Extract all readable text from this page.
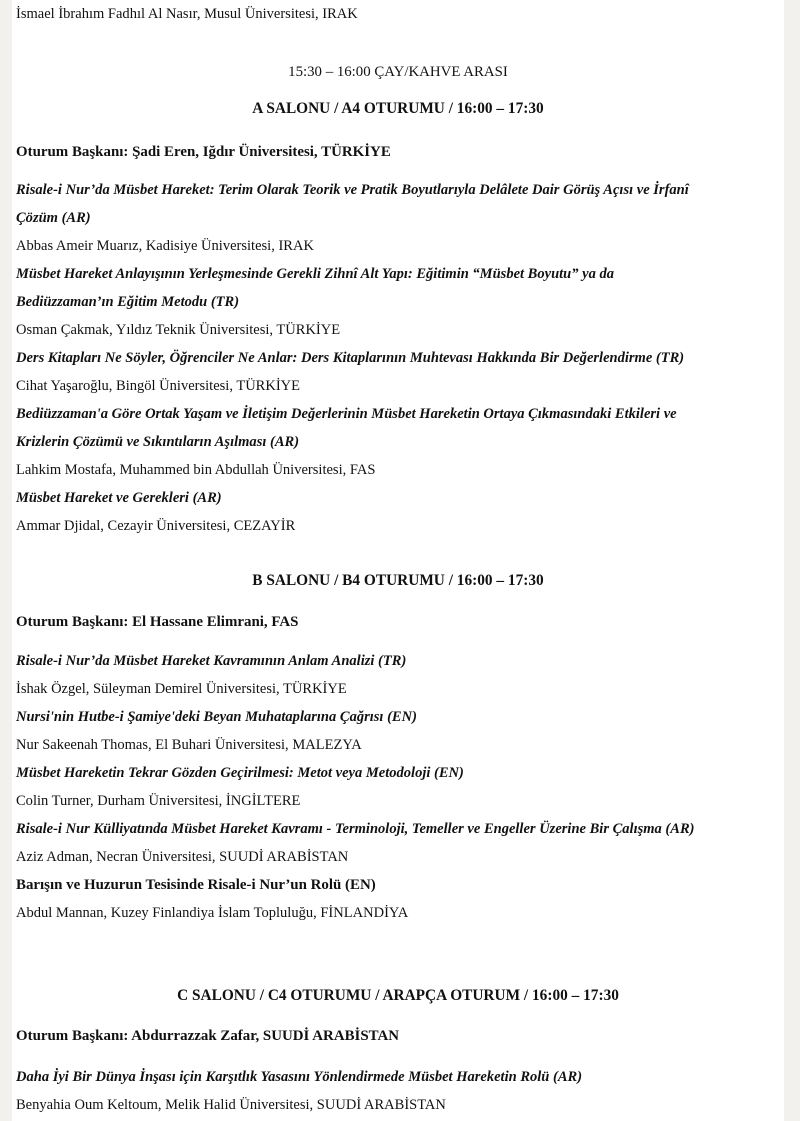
İsmael İbrahım Fadhıl Al Nasır, Musul Üniversitesi, IRAK
15:30 – 16:00 ÇAY/KAHVE ARASI
A SALONU / A4 OTURUMU / 16:00 – 17:30
Oturum Başkanı: Şadi Eren, Iğdır Üniversitesi, TÜRKİYE
Risale-i Nur’da Müsbet Hareket: Terim Olarak Teorik ve Pratik Boyutlarıyla Delâlete Dair Görüş Açısı ve İrfanî
Çözüm (AR)
Abbas Ameir Muarız, Kadisiye Üniversitesi, IRAK
Müsbet Hareket Anlayışının Yerleşmesinde Gerekli Zihnî Alt Yapı: Eğitimin “Müsbet Boyutu” ya da
Bediüzzaman’ın Eğitim Metodu (TR)
Osman Çakmak, Yıldız Teknik Üniversitesi, TÜRKİYE
Ders Kitapları Ne Söyler, Öğrenciler Ne Anlar: Ders Kitaplarının Muhtevası Hakkında Bir Değerlendirme (TR)
Cihat Yaşaroğlu, Bingöl Üniversitesi, TÜRKİYE
Bediüzzaman'a Göre Ortak Yaşam ve İletişim Değerlerinin Müsbet Hareketin Ortaya Çıkmasındaki Etkileri ve
Krizlerin Çözümü ve Sıkıntıların Aşılması (AR)
Lahkim Mostafa, Muhammed bin Abdullah Üniversitesi, FAS
Müsbet Hareket ve Gerekleri (AR)
Ammar Djidal, Cezayir Üniversitesi, CEZAYİR
B SALONU / B4 OTURUMU / 16:00 – 17:30
Oturum Başkanı: El Hassane Elimrani, FAS
Risale-i Nur’da Müsbet Hareket Kavramının Anlam Analizi (TR)
İshak Özgel, Süleyman Demirel Üniversitesi, TÜRKİYE
Nursi'nin Hutbe-i Şamiye'deki Beyan Muhataplarına Çağrısı (EN)
Nur Sakeenah Thomas, El Buhari Üniversitesi, MALEZYA
Müsbet Hareketin Tekrar Gözden Geçirilmesi: Metot veya Metodoloji (EN)
Colin Turner, Durham Üniversitesi, İNGİLTERE
Risale-i Nur Külliyatında Müsbet Hareket Kavramı - Terminoloji, Temeller ve Engeller Üzerine Bir Çalışma (AR)
Aziz Adman, Necran Üniversitesi, SUUDİ ARABİSTAN
Barışın ve Huzurun Tesisinde Risale-i Nur’un Rolü (EN)
Abdul Mannan, Kuzey Finlandiya İslam Topluluğu, FİNLANDİYA
C SALONU / C4 OTURUMU / ARAPÇA OTURUM / 16:00 – 17:30
Oturum Başkanı: Abdurrazzak Zafar, SUUDİ ARABİSTAN
Daha İyi Bir Dünya İnşası için Karşıtlık Yasasını Yönlendirmede Müsbet Hareketin Rolü (AR)
Benyahia Oum Keltoum, Melik Halid Üniversitesi, SUUDİ ARABİSTAN
